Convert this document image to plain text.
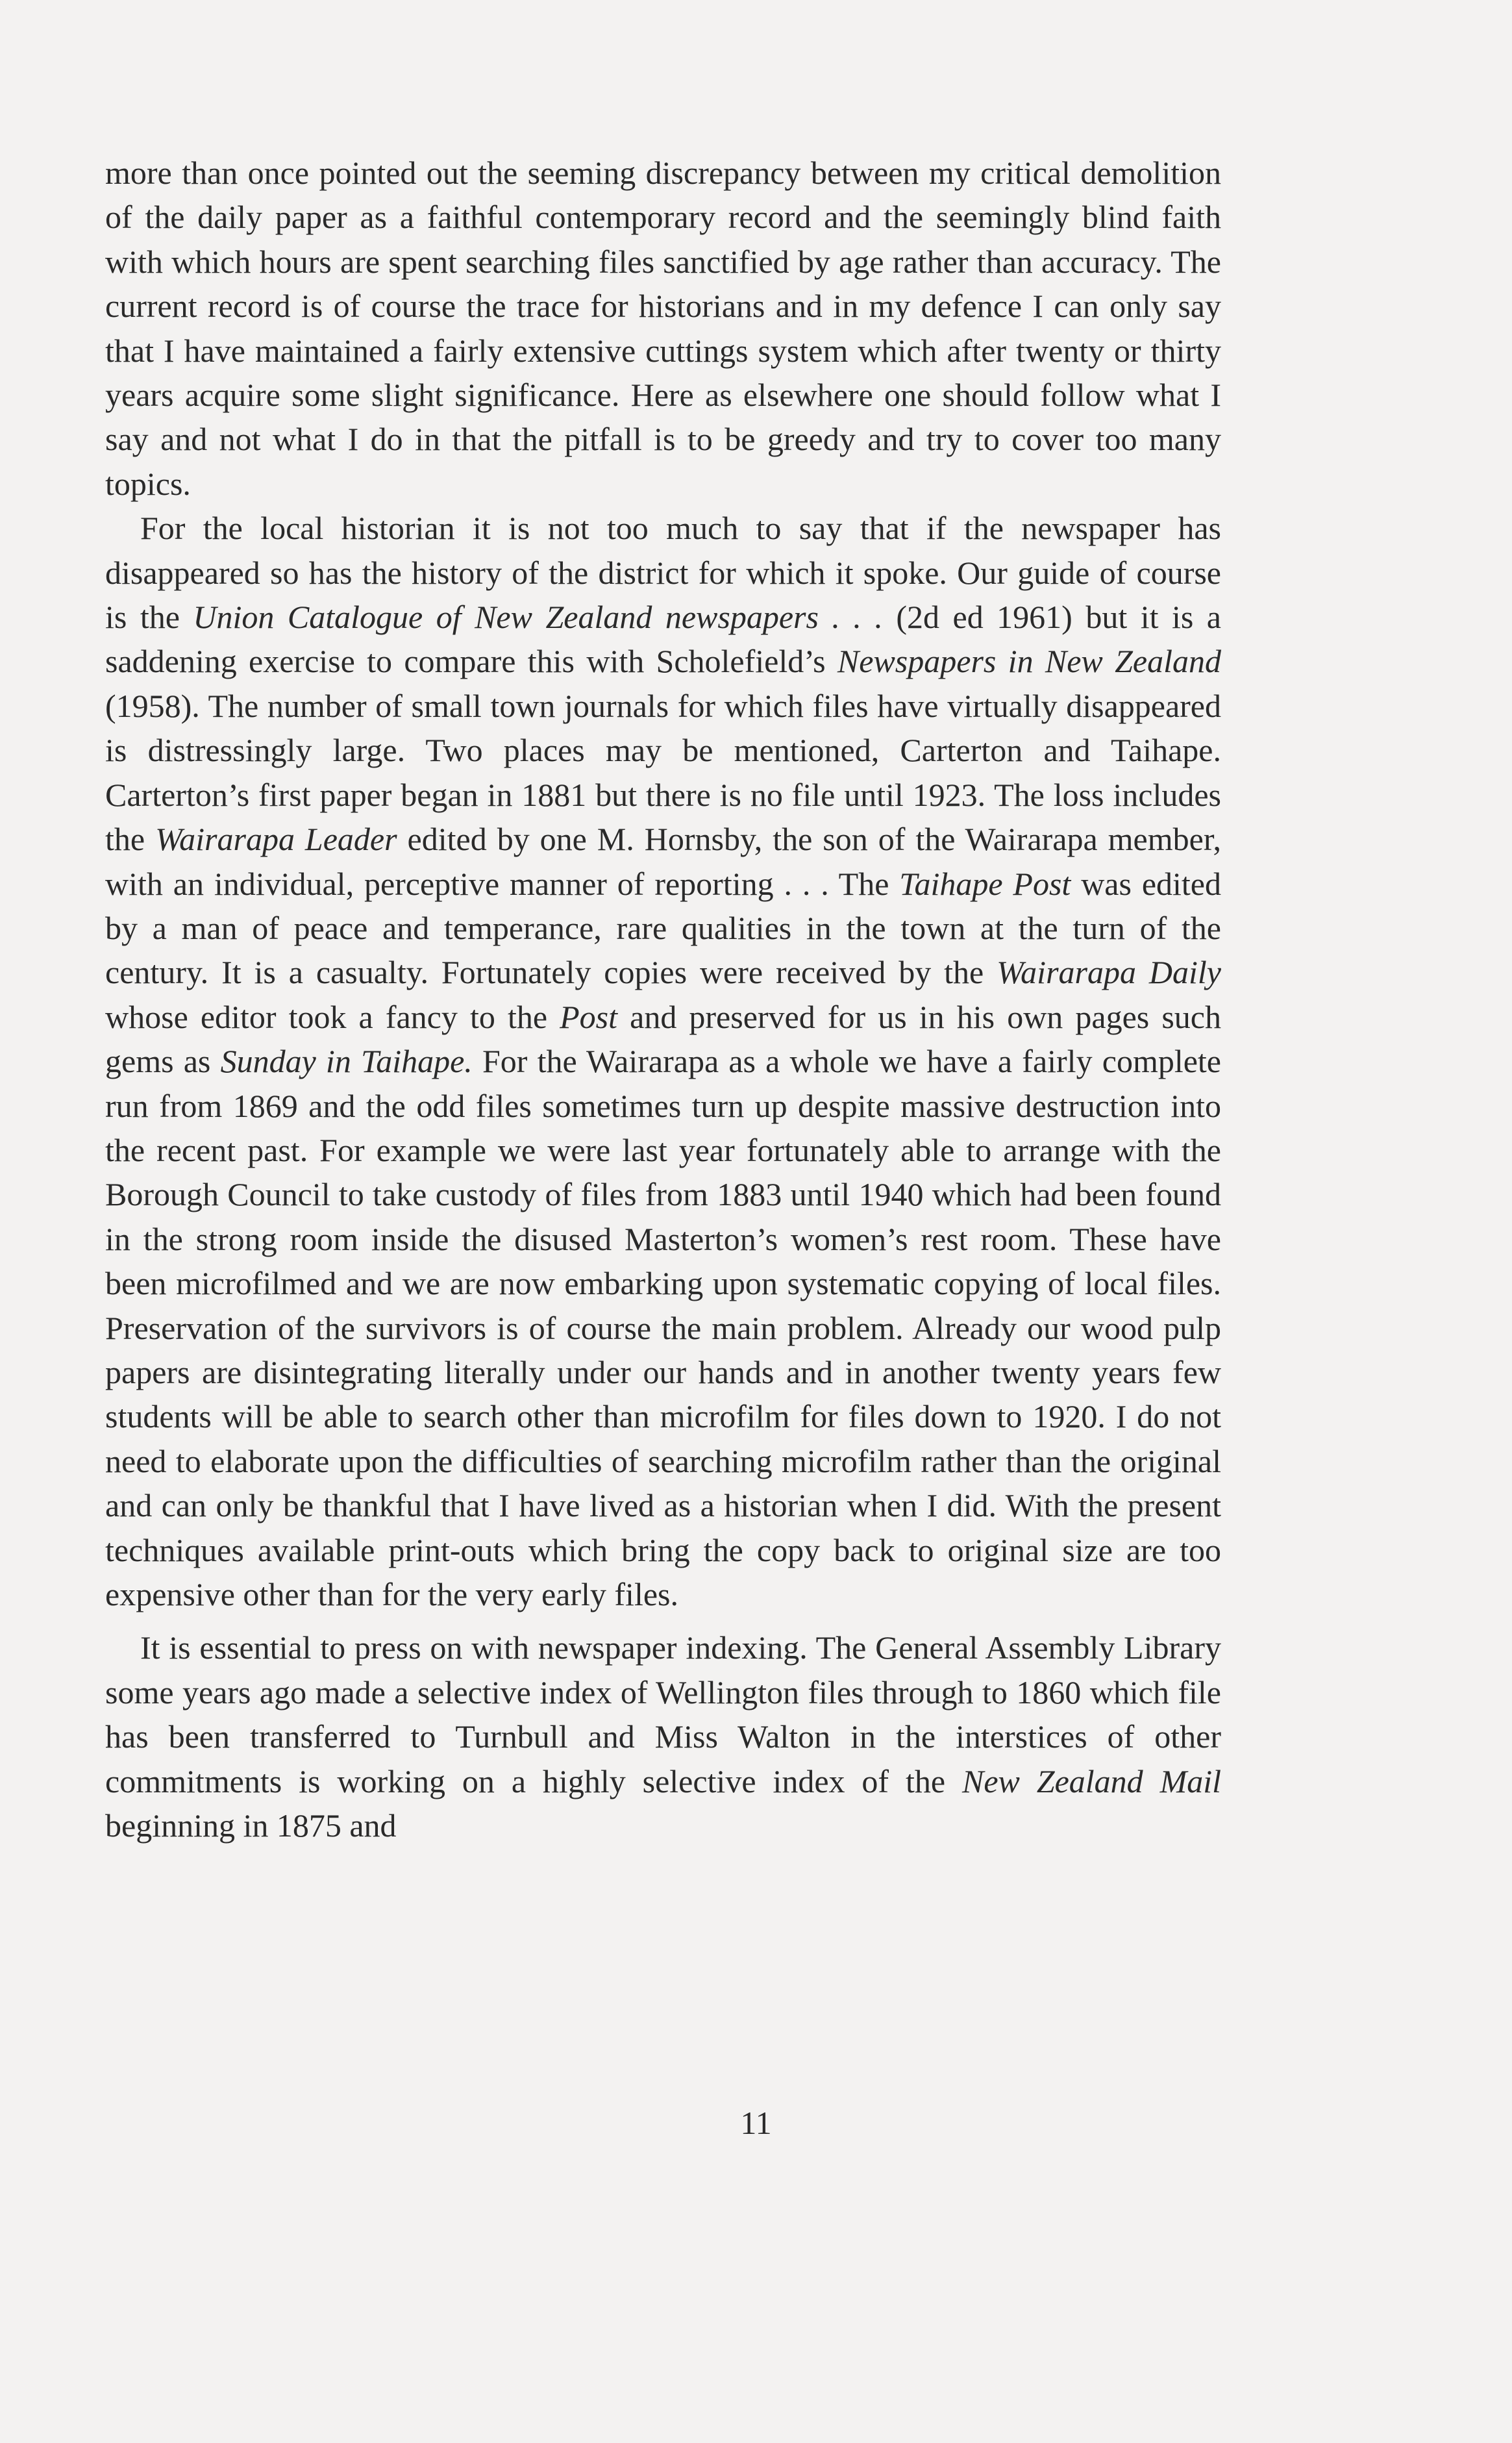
more than once pointed out the seeming discrepancy between my critical demolition of the daily paper as a faithful contemporary record and the seemingly blind faith with which hours are spent searching files sanctified by age rather than accuracy. The current record is of course the trace for historians and in my defence I can only say that I have maintained a fairly extensive cuttings system which after twenty or thirty years acquire some slight significance. Here as elsewhere one should follow what I say and not what I do in that the pitfall is to be greedy and try to cover too many topics.

For the local historian it is not too much to say that if the newspaper has disappeared so has the history of the district for which it spoke. Our guide of course is the Union Catalogue of New Zealand newspapers . . . (2d ed 1961) but it is a saddening exercise to compare this with Scholefield’s Newspapers in New Zealand (1958). The number of small town journals for which files have virtually disappeared is distressingly large. Two places may be mentioned, Carterton and Taihape. Carterton’s first paper began in 1881 but there is no file until 1923. The loss includes the Wairarapa Leader edited by one M. Hornsby, the son of the Wairarapa member, with an individual, perceptive manner of reporting . . . The Taihape Post was edited by a man of peace and temperance, rare qualities in the town at the turn of the century. It is a casualty. Fortunately copies were received by the Wairarapa Daily whose editor took a fancy to the Post and preserved for us in his own pages such gems as Sunday in Taihape. For the Wairarapa as a whole we have a fairly complete run from 1869 and the odd files sometimes turn up despite massive destruction into the recent past. For example we were last year fortunately able to arrange with the Borough Council to take custody of files from 1883 until 1940 which had been found in the strong room inside the disused Masterton’s women’s rest room. These have been microfilmed and we are now embarking upon systematic copying of local files. Preservation of the survivors is of course the main problem. Already our wood pulp papers are disintegrating literally under our hands and in another twenty years few students will be able to search other than microfilm for files down to 1920. I do not need to elaborate upon the difficulties of searching microfilm rather than the original and can only be thankful that I have lived as a historian when I did. With the present techniques available print-outs which bring the copy back to original size are too expensive other than for the very early files.

It is essential to press on with newspaper indexing. The General Assembly Library some years ago made a selective index of Wellington files through to 1860 which file has been transferred to Turnbull and Miss Walton in the interstices of other commitments is working on a highly selective index of the New Zealand Mail beginning in 1875 and

11
